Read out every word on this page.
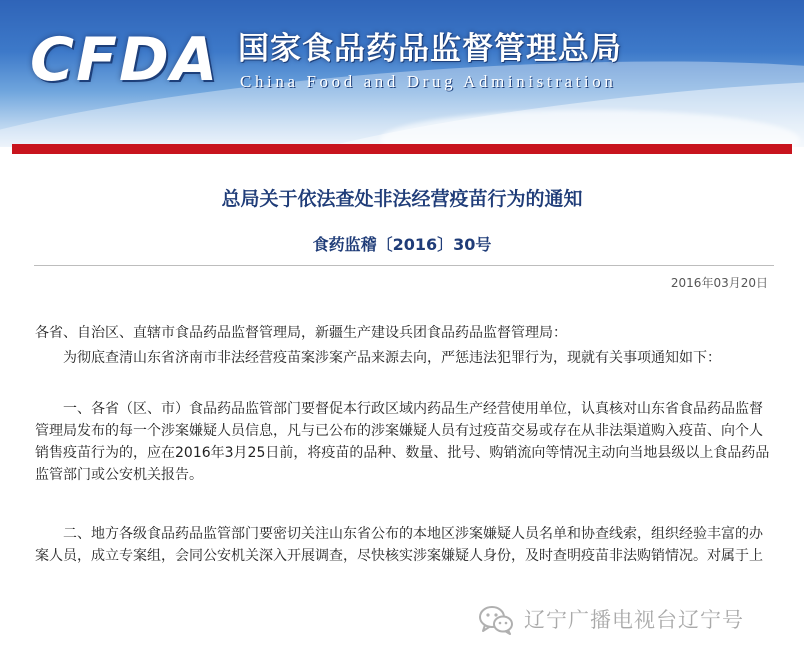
CFDA 国家食品药品监督管理总局
China Food and Drug Administration
总局关于依法查处非法经营疫苗行为的通知
食药监稽〔2016〕30号
2016年03月20日

各省、自治区、直辖市食品药品监督管理局，新疆生产建设兵团食品药品监督管理局：

为彻底查清山东省济南市非法经营疫苗案涉案产品来源去向，严惩违法犯罪行为，现就有关事项通知如下：

一、各省（区、市）食品药品监管部门要督促本行政区域内药品生产经营使用单位，认真核对山东省食品药品监督管理局发布的每一个涉案嫌疑人员信息，凡与已公布的涉案嫌疑人员有过疫苗交易或存在从非法渠道购入疫苗、向个人销售疫苗行为的，应在2016年3月25日前，将疫苗的品种、数量、批号、购销流向等情况主动向当地县级以上食品药品监管部门或公安机关报告。

二、地方各级食品药品监管部门要密切关注山东省公布的本地区涉案嫌疑人员名单和协查线索，组织经验丰富的办案人员，成立专案组，会同公安机关深入开展调查，尽快核实涉案嫌疑人身份，及时查明疫苗非法购销情况。对属于上

辽宁广播电视台辽宁号
